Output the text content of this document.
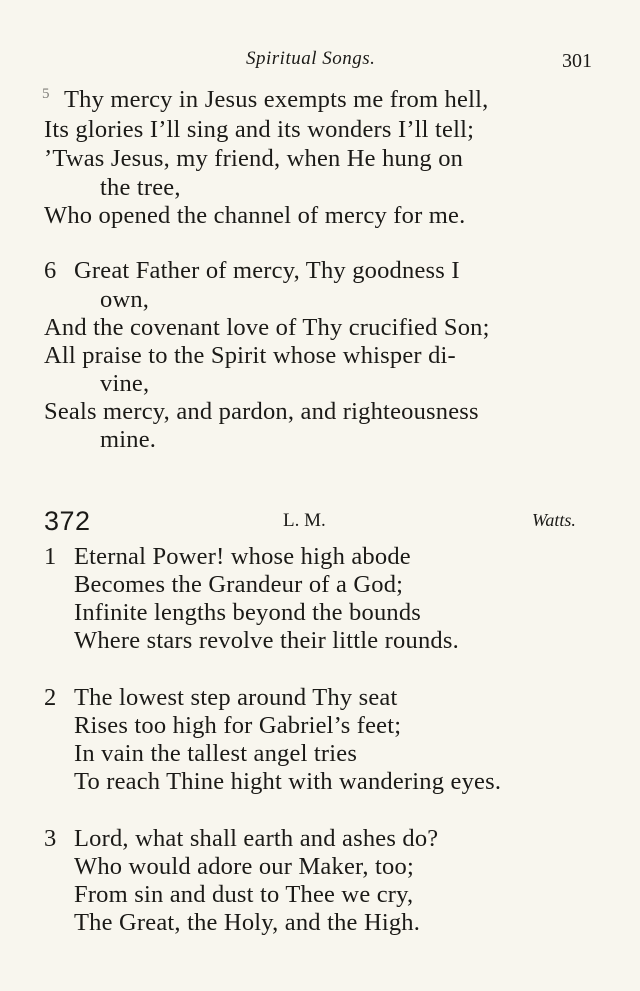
Spiritual Songs.	301
5 Thy mercy in Jesus exempts me from hell,
Its glories I’ll sing and its wonders I’ll tell;
’Twas Jesus, my friend, when He hung on
the tree,
Who opened the channel of mercy for me.
6 Great Father of mercy, Thy goodness I
own,
And the covenant love of Thy crucified Son;
All praise to the Spirit whose whisper di-
vine,
Seals mercy, and pardon, and righteousness
mine.
372	L. M.	Watts.
1 Eternal Power! whose high abode
Becomes the Grandeur of a God;
Infinite lengths beyond the bounds
Where stars revolve their little rounds.
2 The lowest step around Thy seat
Rises too high for Gabriel’s feet;
In vain the tallest angel tries
To reach Thine hight with wandering eyes.
3 Lord, what shall earth and ashes do?
Who would adore our Maker, too;
From sin and dust to Thee we cry,
The Great, the Holy, and the High.
